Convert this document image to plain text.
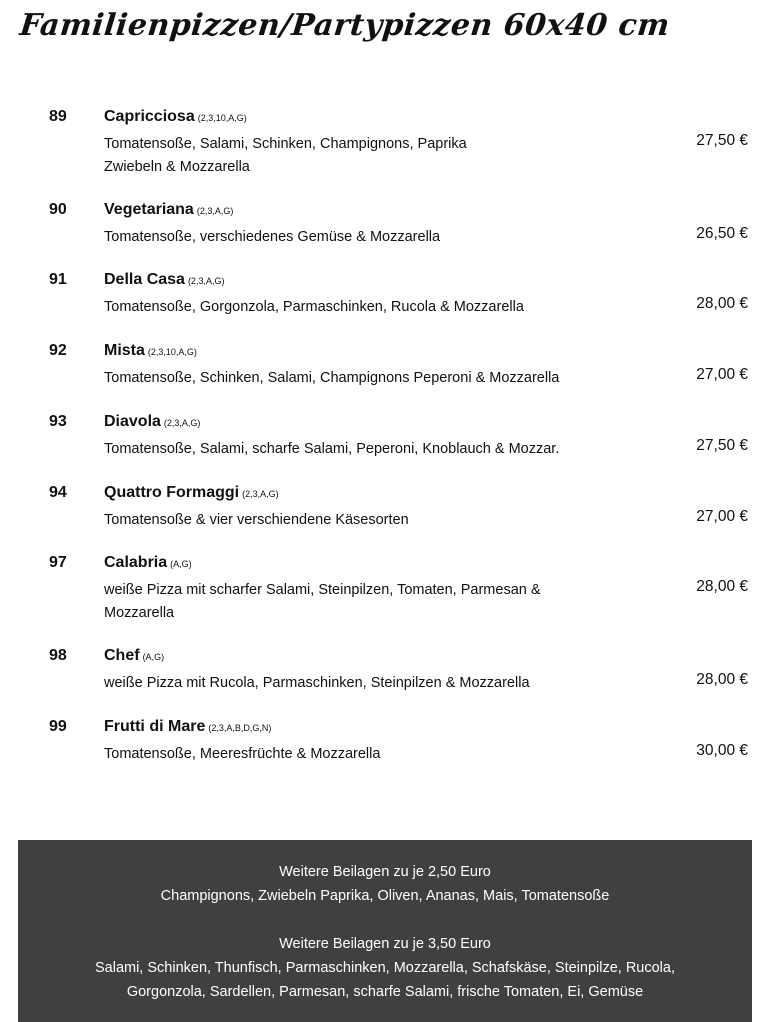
Familienpizzen/Partypizzen 60x40 cm
89 Capricciosa (2,3,10,A,G)
Tomatensoße, Salami, Schinken, Champignons, Paprika
Zwiebeln & Mozzarella
27,50 €
90 Vegetariana (2,3,A,G)
Tomatensoße, verschiedenes Gemüse & Mozzarella	26,50 €
91 Della Casa (2,3,A,G)
Tomatensoße, Gorgonzola, Parmaschinken, Rucola & Mozzarella	28,00 €
92 Mista (2,3,10,A,G)
Tomatensoße, Schinken, Salami, Champignons Peperoni & Mozzarella	27,00 €
93 Diavola (2,3,A,G)
Tomatensoße, Salami, scharfe Salami, Peperoni, Knoblauch & Mozzar.	27,50 €
94 Quattro Formaggi (2,3,A,G)
Tomatensoße & vier verschiendene Käsesorten	27,00 €
97 Calabria (A,G)
weiße Pizza mit scharfer Salami, Steinpilzen, Tomaten, Parmesan &
Mozzarella
28,00 €
98 Chef (A,G)
weiße Pizza mit Rucola, Parmaschinken, Steinpilzen & Mozzarella	28,00 €
99 Frutti di Mare (2,3,A,B,D,G,N)
Tomatensoße, Meeresfrüchte & Mozzarella	30,00 €
Weitere Beilagen zu je 2,50 Euro
Champignons, Zwiebeln Paprika, Oliven, Ananas, Mais, Tomatensoße
Weitere Beilagen zu je 3,50 Euro
Salami, Schinken, Thunfisch, Parmaschinken, Mozzarella, Schafskäse, Steinpilze, Rucola,
Gorgonzola, Sardellen, Parmesan, scharfe Salami, frische Tomaten, Ei, Gemüse
